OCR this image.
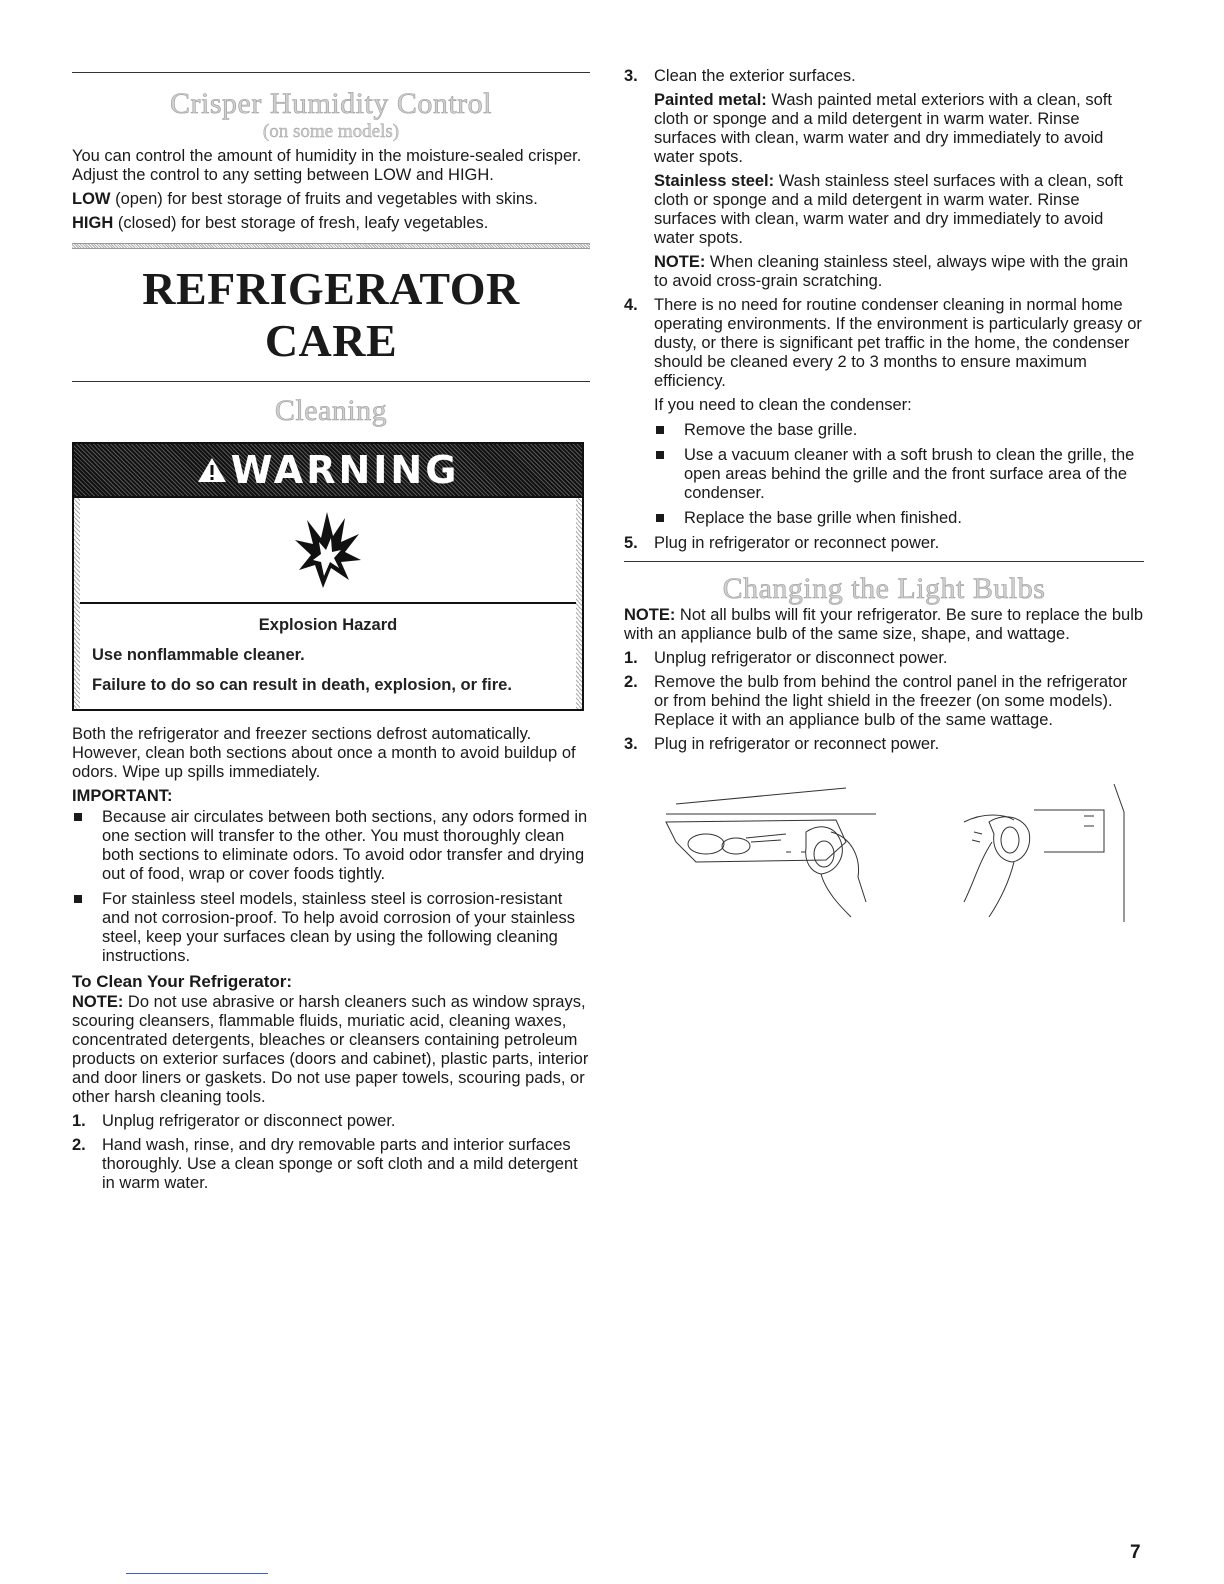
Crisper Humidity Control
(on some models)

You can control the amount of humidity in the moisture-sealed crisper. Adjust the control to any setting between LOW and HIGH.

LOW (open) for best storage of fruits and vegetables with skins.

HIGH (closed) for best storage of fresh, leafy vegetables.

REFRIGERATOR CARE
Cleaning
WARNING

Explosion Hazard

Use nonflammable cleaner.

Failure to do so can result in death, explosion, or fire.

Both the refrigerator and freezer sections defrost automatically. However, clean both sections about once a month to avoid buildup of odors. Wipe up spills immediately.

IMPORTANT:
Because air circulates between both sections, any odors formed in one section will transfer to the other. You must thoroughly clean both sections to eliminate odors. To avoid odor transfer and drying out of food, wrap or cover foods tightly.
For stainless steel models, stainless steel is corrosion-resistant and not corrosion-proof. To help avoid corrosion of your stainless steel, keep your surfaces clean by using the following cleaning instructions.
To Clean Your Refrigerator:

NOTE: Do not use abrasive or harsh cleaners such as window sprays, scouring cleansers, flammable fluids, muriatic acid, cleaning waxes, concentrated detergents, bleaches or cleansers containing petroleum products on exterior surfaces (doors and cabinet), plastic parts, interior and door liners or gaskets. Do not use paper towels, scouring pads, or other harsh cleaning tools.

1. Unplug refrigerator or disconnect power.
2. Hand wash, rinse, and dry removable parts and interior surfaces thoroughly. Use a clean sponge or soft cloth and a mild detergent in warm water.
3. Clean the exterior surfaces.

Painted metal: Wash painted metal exteriors with a clean, soft cloth or sponge and a mild detergent in warm water. Rinse surfaces with clean, warm water and dry immediately to avoid water spots.

Stainless steel: Wash stainless steel surfaces with a clean, soft cloth or sponge and a mild detergent in warm water. Rinse surfaces with clean, warm water and dry immediately to avoid water spots.

NOTE: When cleaning stainless steel, always wipe with the grain to avoid cross-grain scratching.

4. There is no need for routine condenser cleaning in normal home operating environments. If the environment is particularly greasy or dusty, or there is significant pet traffic in the home, the condenser should be cleaned every 2 to 3 months to ensure maximum efficiency.

If you need to clean the condenser:

Remove the base grille.
Use a vacuum cleaner with a soft brush to clean the grille, the open areas behind the grille and the front surface area of the condenser.
Replace the base grille when finished.
5. Plug in refrigerator or reconnect power.
Changing the Light Bulbs

NOTE: Not all bulbs will fit your refrigerator. Be sure to replace the bulb with an appliance bulb of the same size, shape, and wattage.

1. Unplug refrigerator or disconnect power.
2. Remove the bulb from behind the control panel in the refrigerator or from behind the light shield in the freezer (on some models). Replace it with an appliance bulb of the same wattage.
3. Plug in refrigerator or reconnect power.
7
